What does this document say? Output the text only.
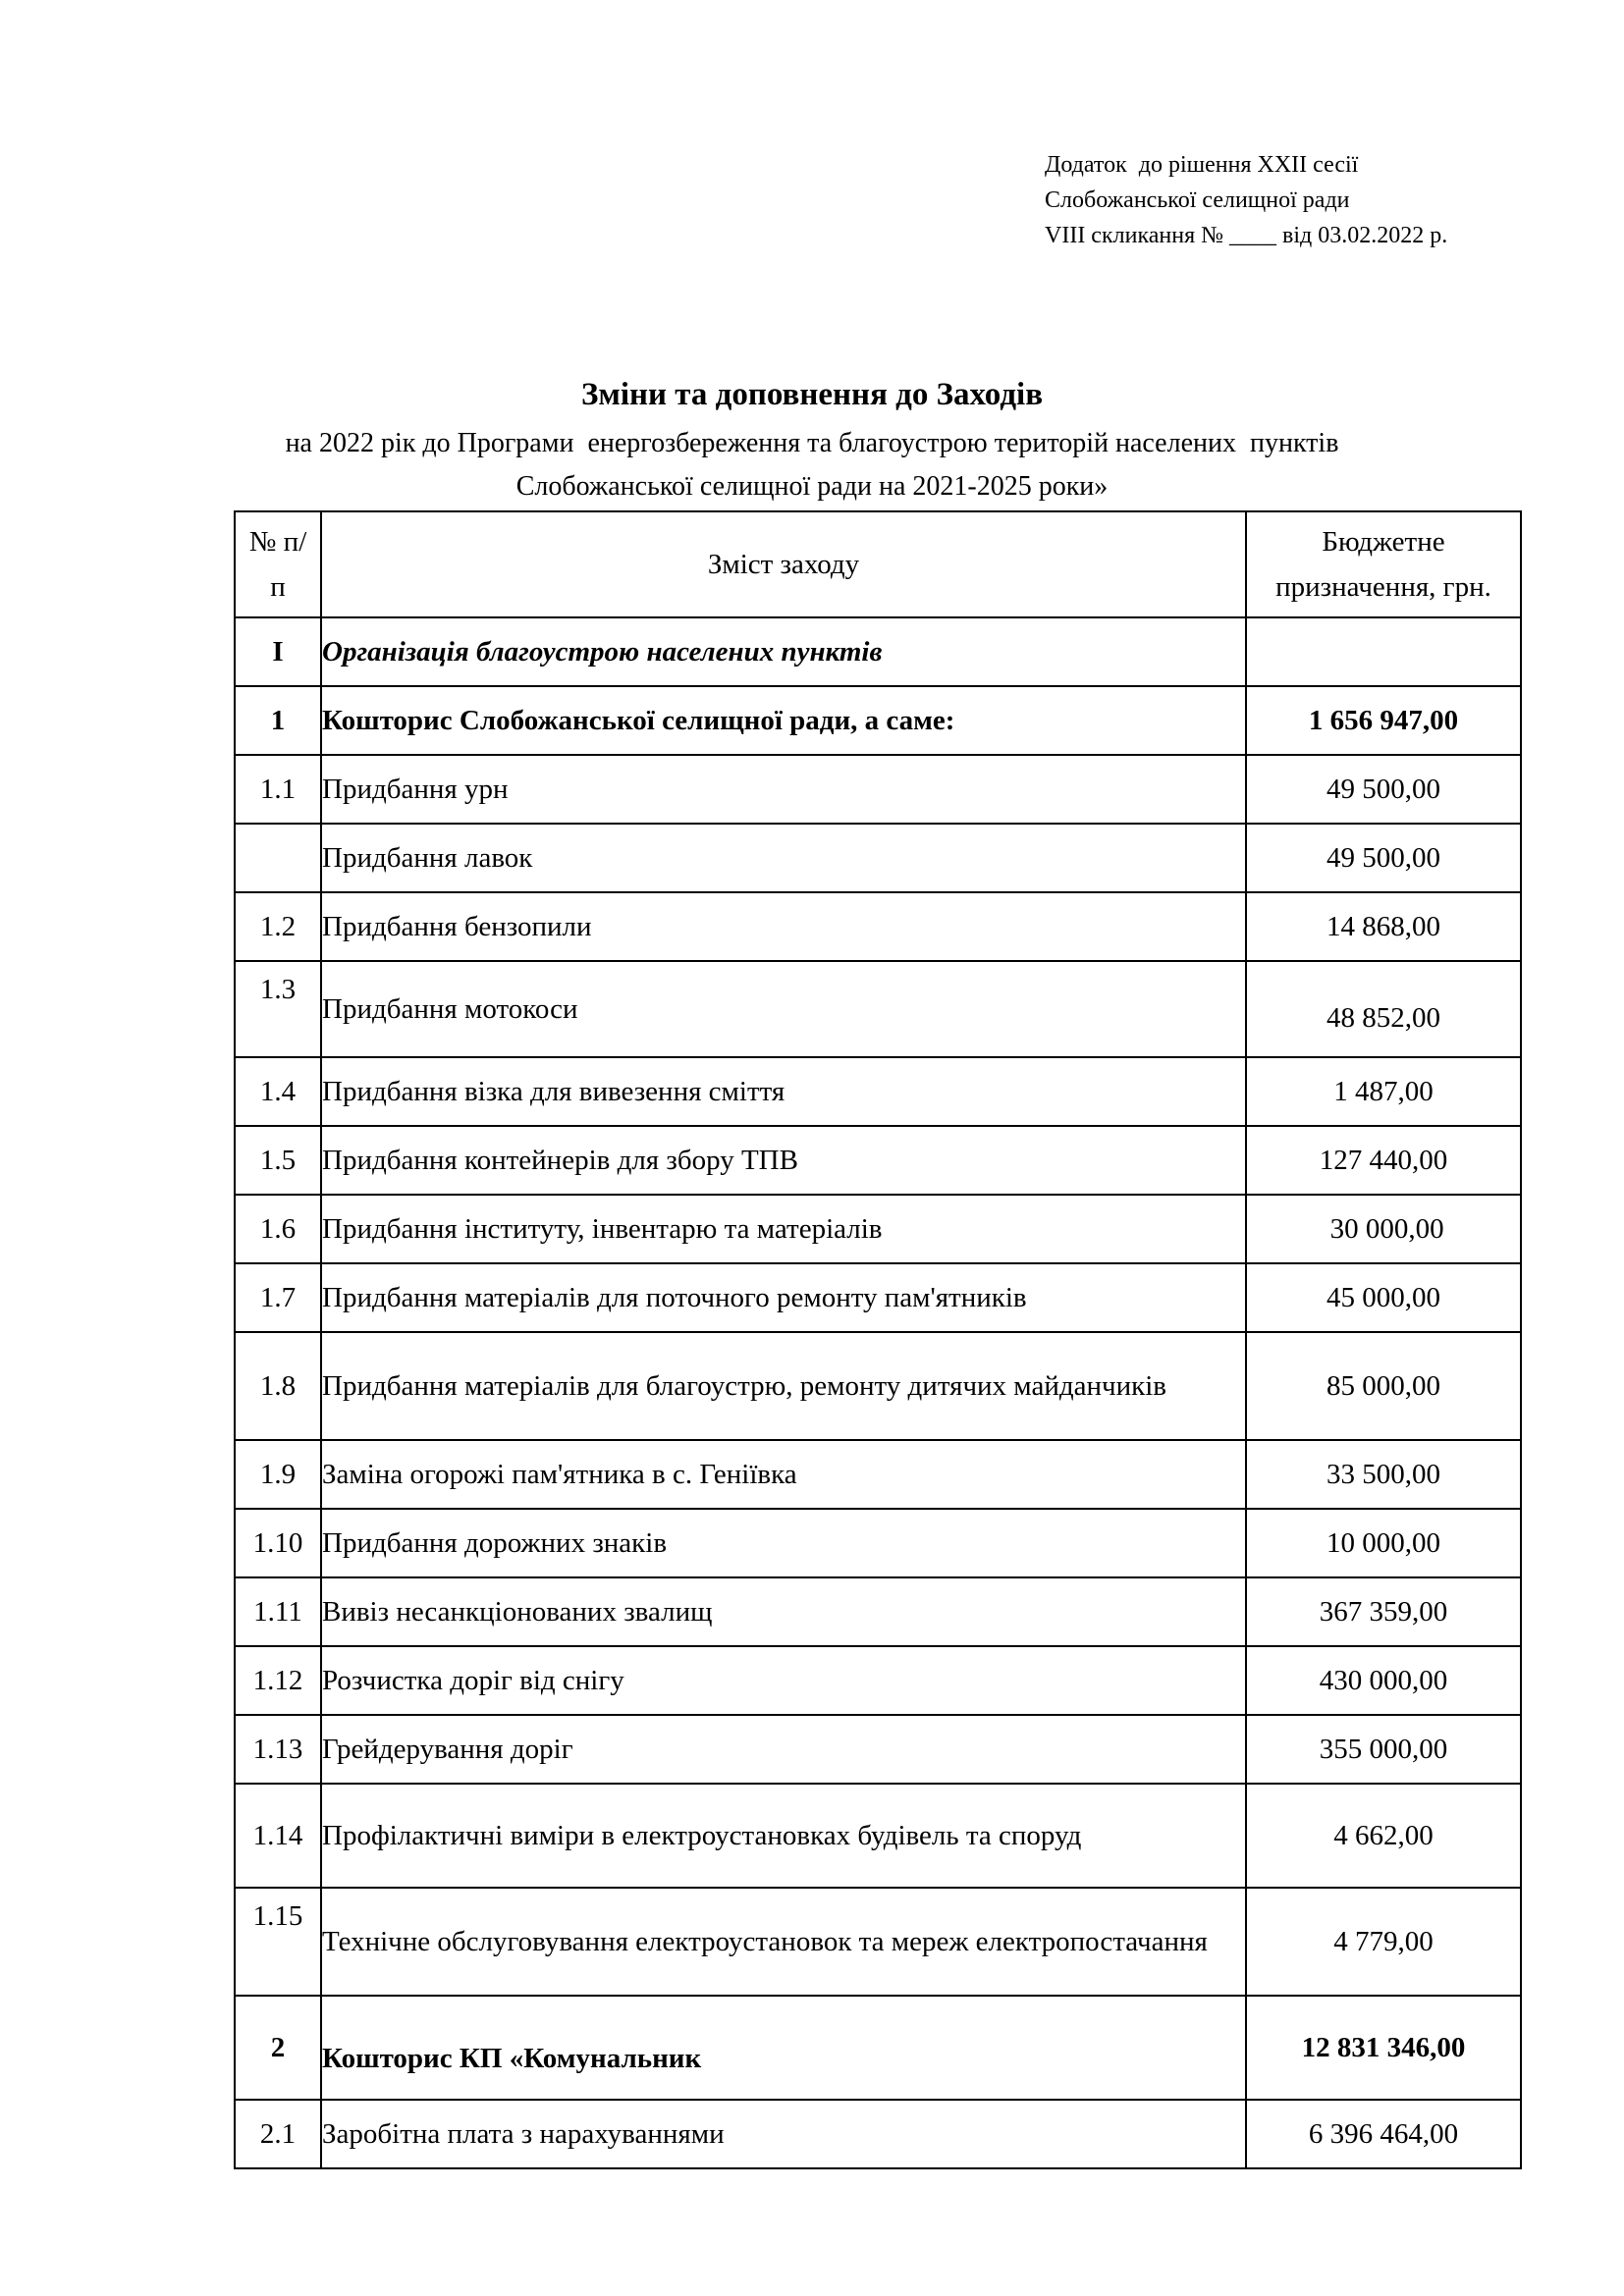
Додаток  до рішення XXII сесії
Слобожанської селищної ради
VIII скликання № ____ від 03.02.2022 р.
Зміни та доповнення до Заходів
на 2022 рік до Програми  енергозбереження та благоустрою територій населених  пунктів
Слобожанської селищної ради на 2021-2025 роки»
№ п/п	Зміст заходу	Бюджетне призначення, грн.
I	Організація благоустрою населених пунктів	
1	Кошторис Слобожанської селищної ради, а саме:	1 656 947,00
1.1	Придбання урн	49 500,00
	Придбання лавок	49 500,00
1.2	Придбання бензопили	14 868,00
1.3	Придбання мотокоси	48 852,00
1.4	Придбання візка для вивезення сміття	1 487,00
1.5	Придбання контейнерів для збору ТПВ	127 440,00
1.6	Придбання інституту, інвентарю та матеріалів	30 000,00
1.7	Придбання матеріалів для поточного ремонту пам'ятників	45 000,00
1.8	Придбання матеріалів для благоустрю, ремонту дитячих майданчиків	85 000,00
1.9	Заміна огорожі пам'ятника в с. Геніївка	33 500,00
1.10	Придбання дорожних знаків	10 000,00
1.11	Вивіз несанкціонованих звалищ	367 359,00
1.12	Розчистка доріг від снігу	430 000,00
1.13	Грейдерування доріг	355 000,00
1.14	Профілактичні виміри в електроустановках будівель та споруд	4 662,00
1.15	Технічне обслуговування електроустановок та мереж електропостачання	4 779,00
2	Кошторис КП «Комунальник	12 831 346,00
2.1	Заробітна плата з нарахуваннями	6 396 464,00
